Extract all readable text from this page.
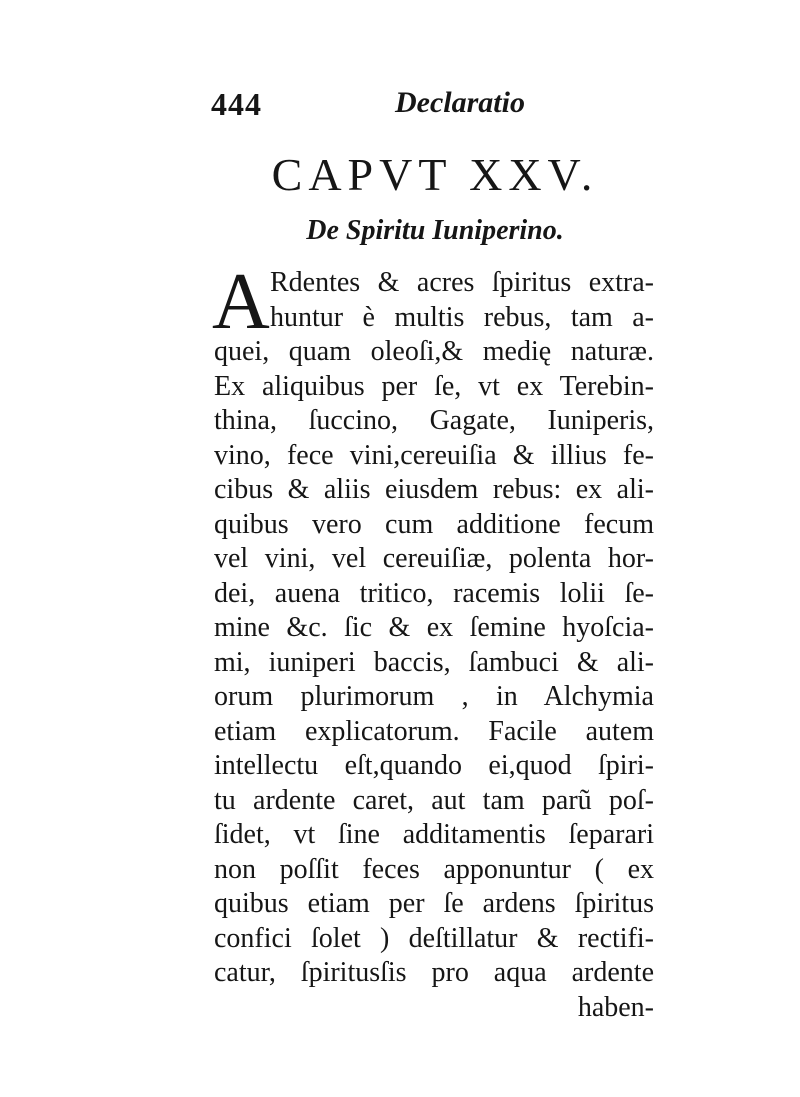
444	Declaratio
CAPVT XXV.
De Spiritu Iuniperino.
A Rdentes & acres ſpiritus extra-
huntur è multis rebus, tam a-
quei, quam oleoſi,& medię naturæ.
Ex aliquibus per ſe, vt ex Terebin-
thina, ſuccino, Gagate, Iuniperis,
vino, fece vini,cereuiſia & illius fe-
cibus & aliis eiusdem rebus: ex ali-
quibus vero cum additione fecum
vel vini, vel cereuiſiæ, polenta hor-
dei, auena tritico, racemis lolii ſe-
mine &c. ſic & ex ſemine hyoſcia-
mi, iuniperi baccis, ſambuci & ali-
orum plurimorum , in Alchymia
etiam explicatorum. Facile autem
intellectu eſt,quando ei,quod ſpiri-
tu ardente caret, aut tam parũ poſ-
ſidet, vt ſine additamentis ſeparari
non poſſit feces apponuntur ( ex
quibus etiam per ſe ardens ſpiritus
confici ſolet ) deſtillatur & rectifi-
catur, ſpiritusſis pro aqua ardente
haben-
